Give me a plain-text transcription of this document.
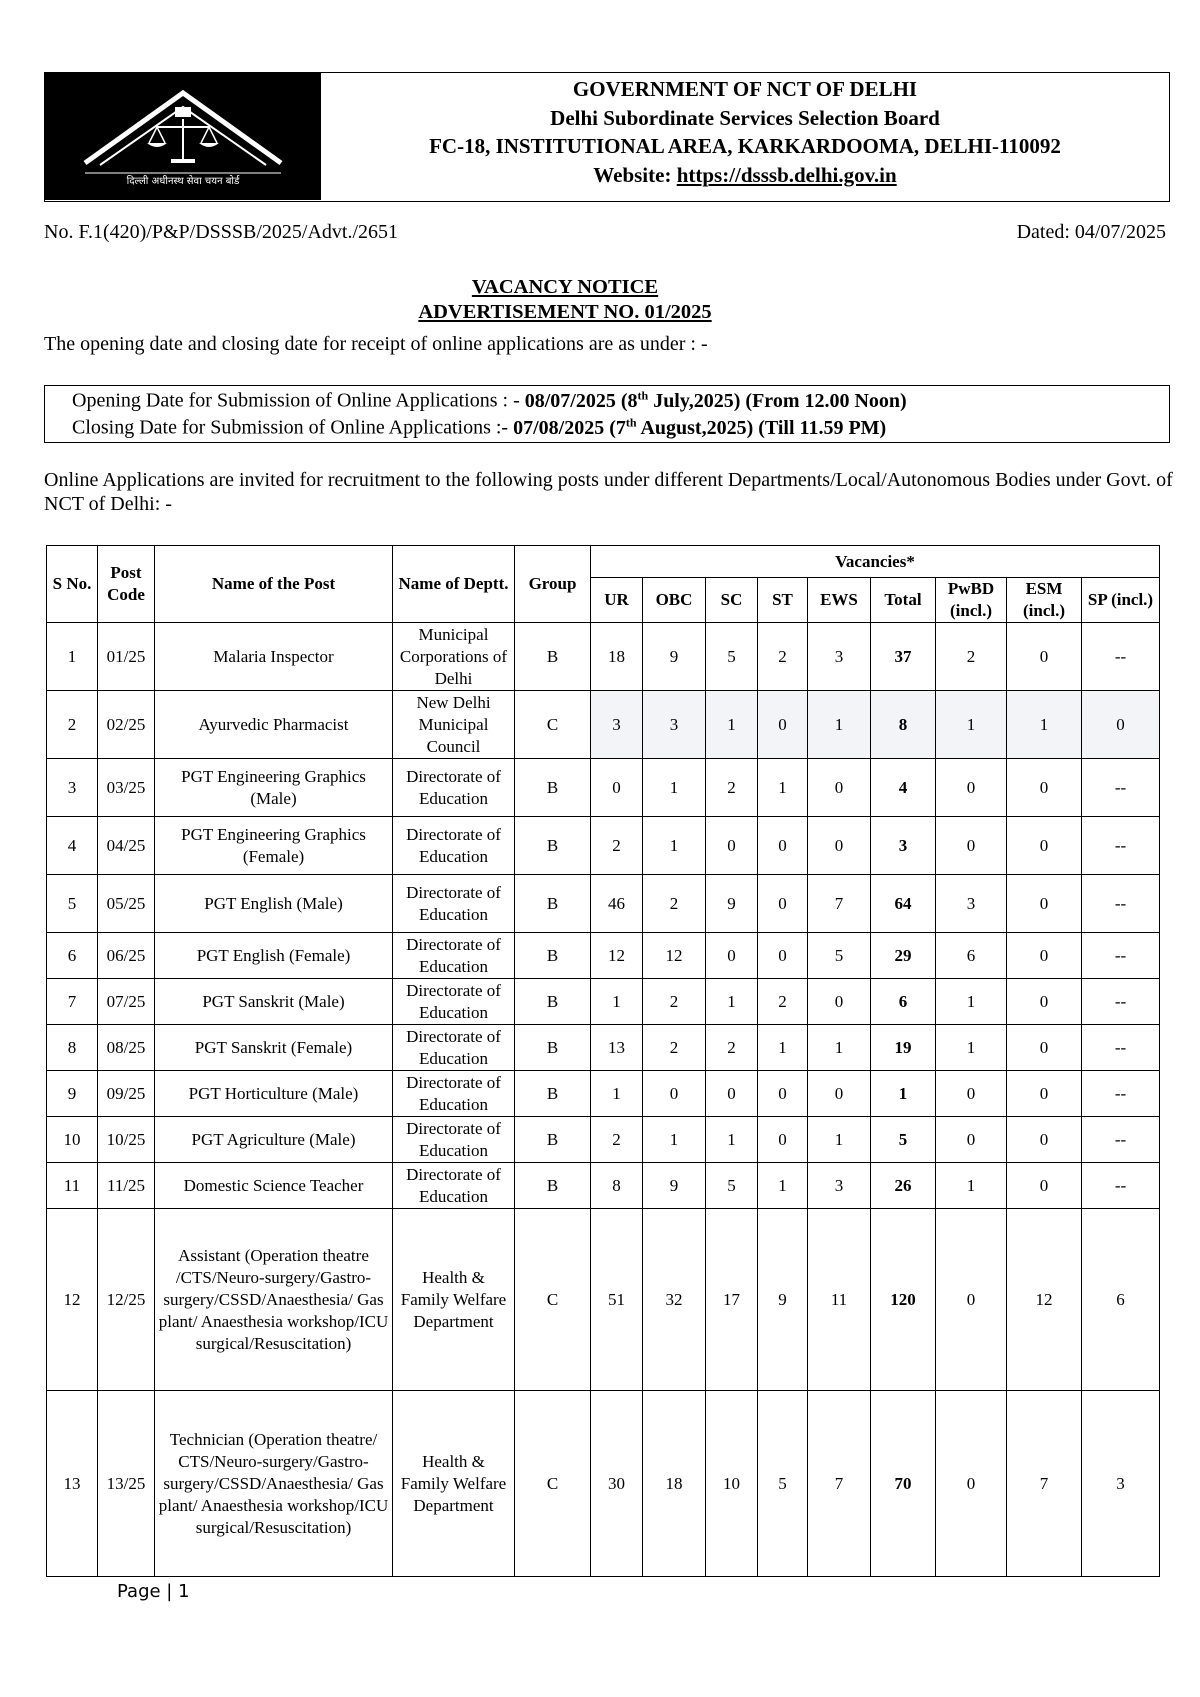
दिल्ली अधीनस्थ सेवा चयन बोर्ड
GOVERNMENT OF NCT OF DELHI
Delhi Subordinate Services Selection Board
FC-18, INSTITUTIONAL AREA, KARKARDOOMA, DELHI-110092
Website: https://dsssb.delhi.gov.in
No. F.1(420)/P&P/DSSSB/2025/Advt./2651	Dated: 04/07/2025
VACANCY NOTICE
ADVERTISEMENT NO. 01/2025
The opening date and closing date for receipt of online applications are as under : -
Opening Date for Submission of Online Applications : - 08/07/2025 (8th July,2025) (From 12.00 Noon)
Closing Date for Submission of Online Applications :- 07/08/2025 (7th August,2025) (Till 11.59 PM)
Online Applications are invited for recruitment to the following posts under different Departments/Local/Autonomous Bodies under Govt. of NCT of Delhi: -
S No.	Post Code	Name of the Post	Name of Deptt.	Group	Vacancies*								
					UR	OBC	SC	ST	EWS	Total	PwBD (incl.)	ESM (incl.)	SP (incl.)
1	01/25	Malaria Inspector	Municipal Corporations of Delhi	B	18	9	5	2	3	37	2	0	--
2	02/25	Ayurvedic Pharmacist	New Delhi Municipal Council	C	3	3	1	0	1	8	1	1	0
3	03/25	PGT Engineering Graphics (Male)	Directorate of Education	B	0	1	2	1	0	4	0	0	--
4	04/25	PGT Engineering Graphics (Female)	Directorate of Education	B	2	1	0	0	0	3	0	0	--
5	05/25	PGT English (Male)	Directorate of Education	B	46	2	9	0	7	64	3	0	--
6	06/25	PGT English (Female)	Directorate of Education	B	12	12	0	0	5	29	6	0	--
7	07/25	PGT Sanskrit (Male)	Directorate of Education	B	1	2	1	2	0	6	1	0	--
8	08/25	PGT Sanskrit (Female)	Directorate of Education	B	13	2	2	1	1	19	1	0	--
9	09/25	PGT Horticulture (Male)	Directorate of Education	B	1	0	0	0	0	1	0	0	--
10	10/25	PGT Agriculture (Male)	Directorate of Education	B	2	1	1	0	1	5	0	0	--
11	11/25	Domestic Science Teacher	Directorate of Education	B	8	9	5	1	3	26	1	0	--
12	12/25	Assistant (Operation theatre /CTS/Neuro-surgery/Gastro-surgery/CSSD/Anaesthesia/ Gas plant/ Anaesthesia workshop/ICU surgical/Resuscitation)	Health & Family Welfare Department	C	51	32	17	9	11	120	0	12	6
13	13/25	Technician (Operation theatre/ CTS/Neuro-surgery/Gastro-surgery/CSSD/Anaesthesia/ Gas plant/ Anaesthesia workshop/ICU surgical/Resuscitation)	Health & Family Welfare Department	C	30	18	10	5	7	70	0	7	3
Page | 1
